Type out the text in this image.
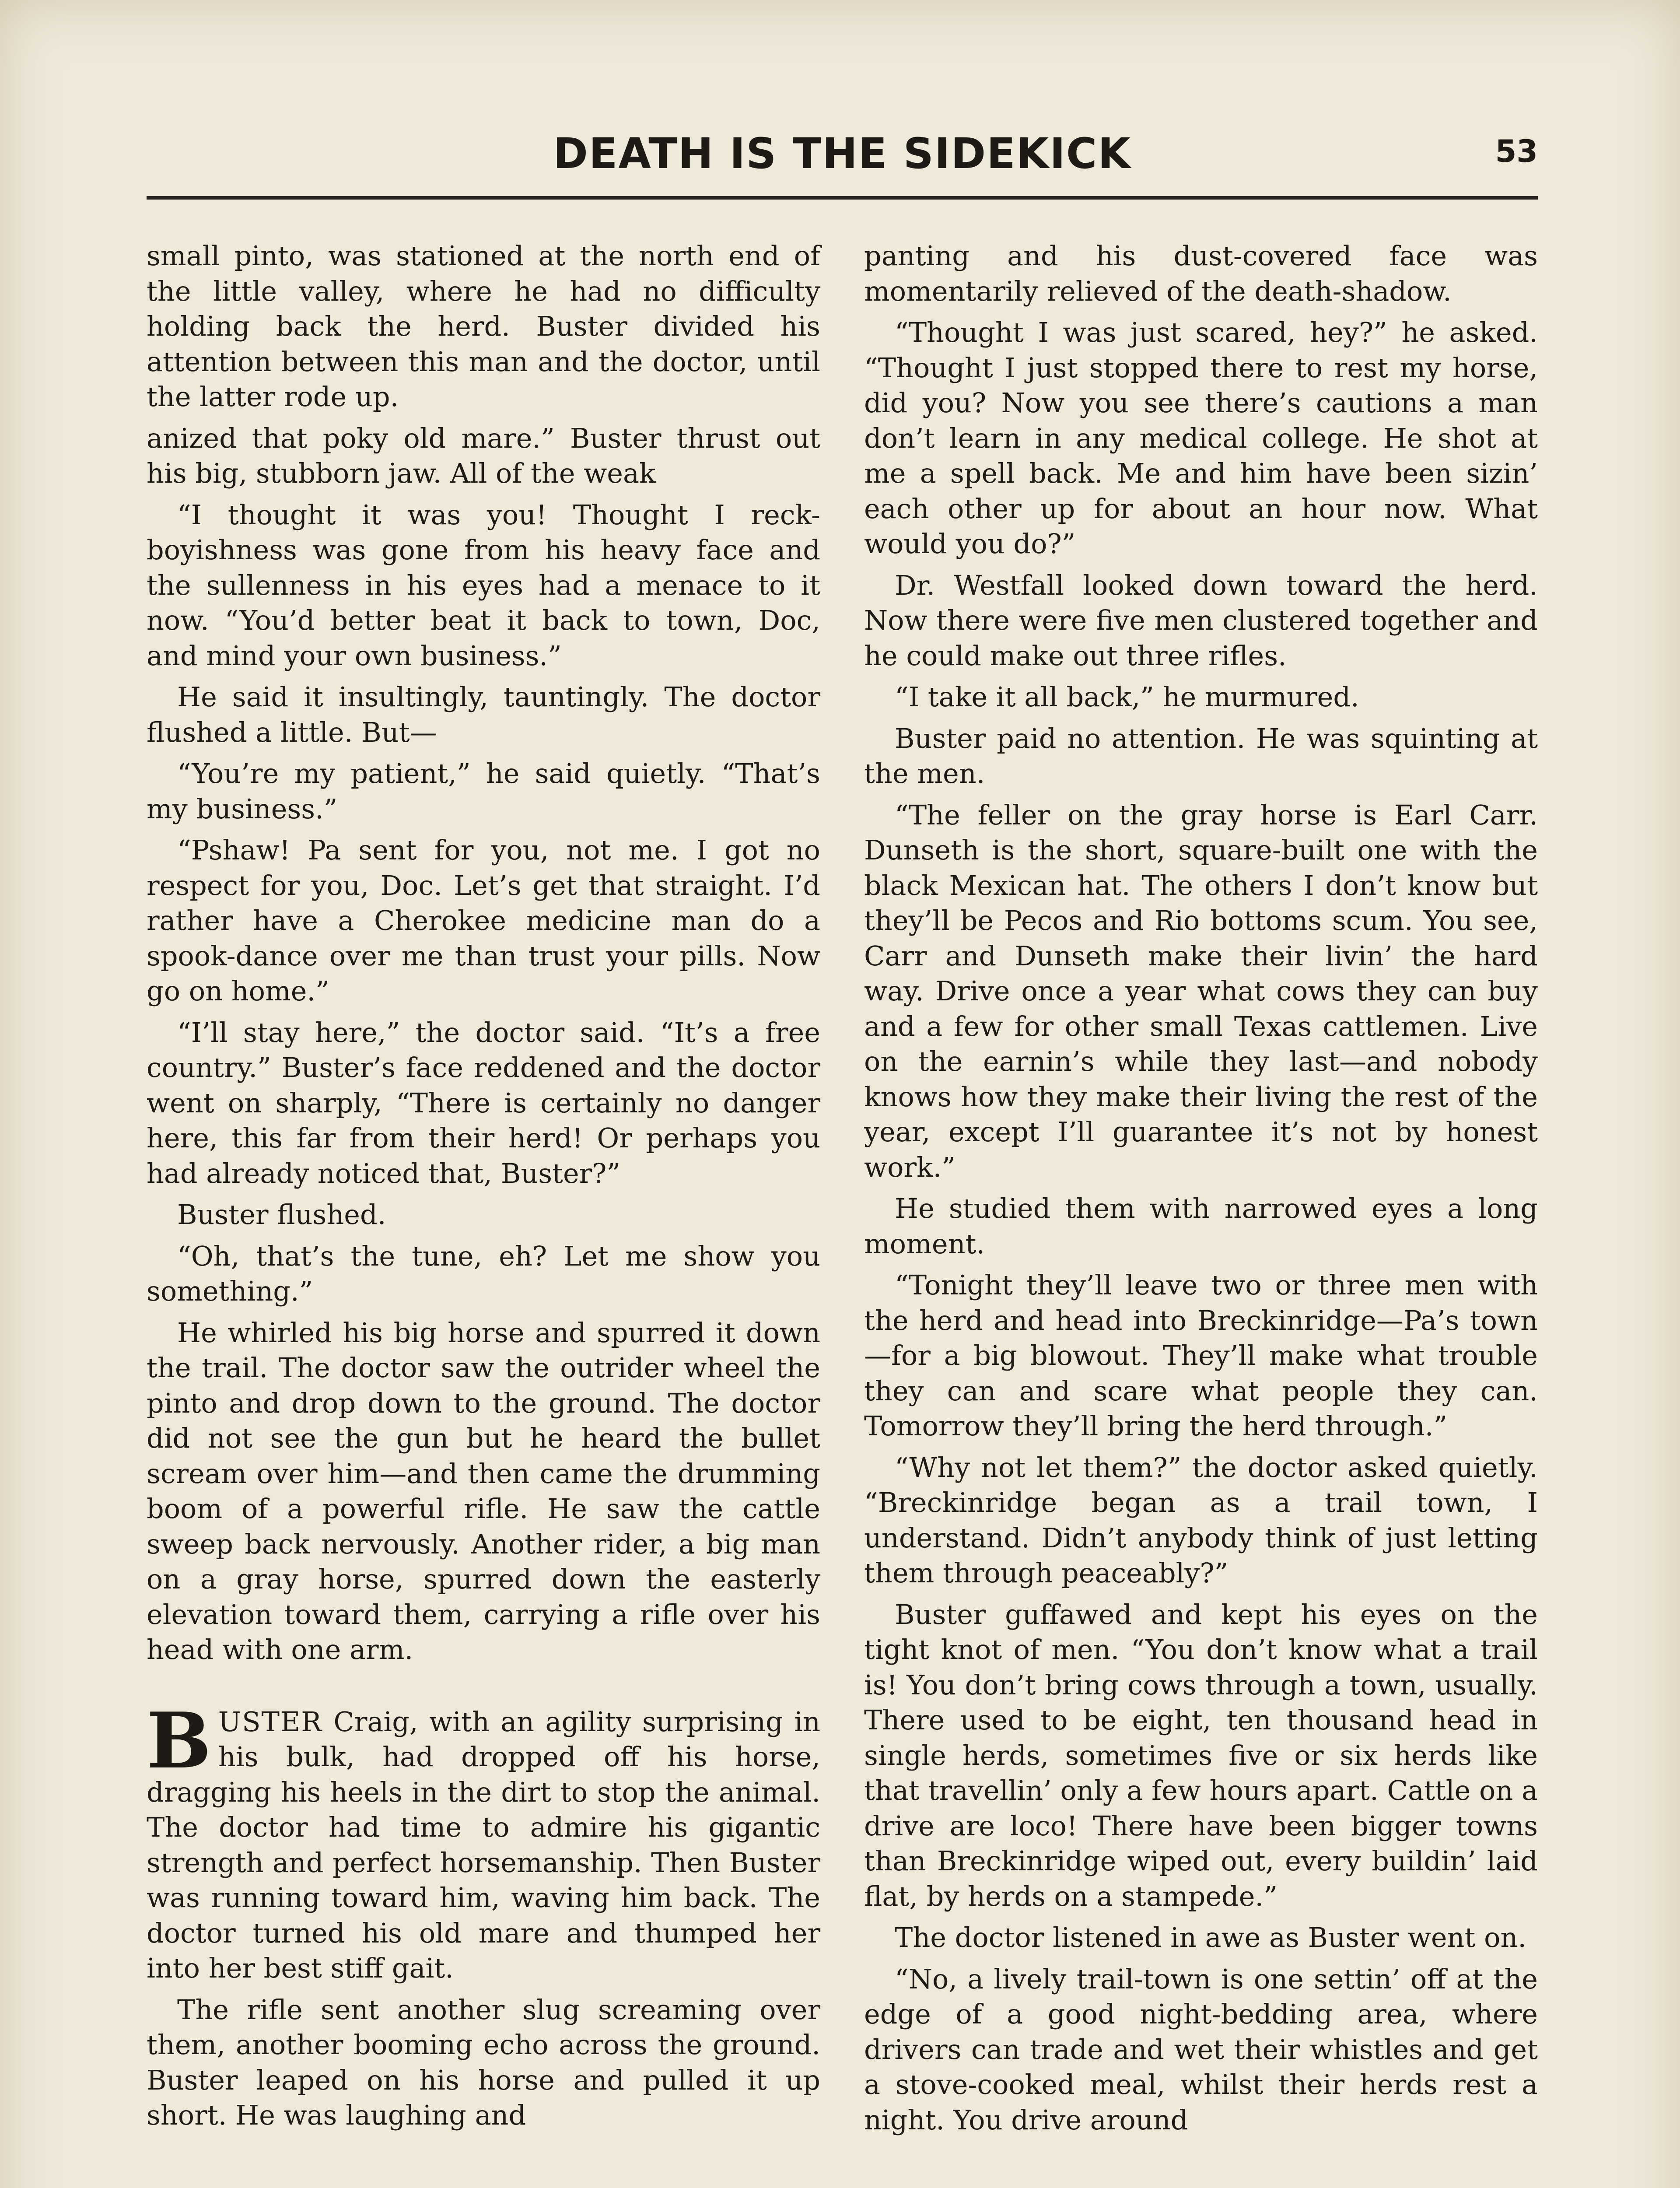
DEATH IS THE SIDEKICK	53

small pinto, was stationed at the north end of the little valley, where he had no difficulty holding back the herd. Buster divided his attention between this man and the doctor, until the latter rode up.

anized that poky old mare.” Buster thrust out his big, stubborn jaw. All of the weak

“I thought it was you! Thought I reck-boyishness was gone from his heavy face and the sullenness in his eyes had a menace to it now. “You’d better beat it back to town, Doc, and mind your own business.”

He said it insultingly, tauntingly. The doctor flushed a little. But—

“You’re my patient,” he said quietly. “That’s my business.”

“Pshaw! Pa sent for you, not me. I got no respect for you, Doc. Let’s get that straight. I’d rather have a Cherokee medicine man do a spook-dance over me than trust your pills. Now go on home.”

“I’ll stay here,” the doctor said. “It’s a free country.” Buster’s face reddened and the doctor went on sharply, “There is certainly no danger here, this far from their herd! Or perhaps you had already noticed that, Buster?”

Buster flushed.

“Oh, that’s the tune, eh? Let me show you something.”

He whirled his big horse and spurred it down the trail. The doctor saw the outrider wheel the pinto and drop down to the ground. The doctor did not see the gun but he heard the bullet scream over him—and then came the drumming boom of a powerful rifle. He saw the cattle sweep back nervously. Another rider, a big man on a gray horse, spurred down the easterly elevation toward them, carrying a rifle over his head with one arm.

BUSTER Craig, with an agility surprising in his bulk, had dropped off his horse, dragging his heels in the dirt to stop the animal. The doctor had time to admire his gigantic strength and perfect horsemanship. Then Buster was running toward him, waving him back. The doctor turned his old mare and thumped her into her best stiff gait.

The rifle sent another slug screaming over them, another booming echo across the ground. Buster leaped on his horse and pulled it up short. He was laughing and

panting and his dust-covered face was momentarily relieved of the death-shadow.

“Thought I was just scared, hey?” he asked. “Thought I just stopped there to rest my horse, did you? Now you see there’s cautions a man don’t learn in any medical college. He shot at me a spell back. Me and him have been sizin’ each other up for about an hour now. What would you do?”

Dr. Westfall looked down toward the herd. Now there were five men clustered together and he could make out three rifles.

“I take it all back,” he murmured.

Buster paid no attention. He was squinting at the men.

“The feller on the gray horse is Earl Carr. Dunseth is the short, square-built one with the black Mexican hat. The others I don’t know but they’ll be Pecos and Rio bottoms scum. You see, Carr and Dunseth make their livin’ the hard way. Drive once a year what cows they can buy and a few for other small Texas cattlemen. Live on the earnin’s while they last—and nobody knows how they make their living the rest of the year, except I’ll guarantee it’s not by honest work.”

He studied them with narrowed eyes a long moment.

“Tonight they’ll leave two or three men with the herd and head into Breckinridge—Pa’s town—for a big blowout. They’ll make what trouble they can and scare what people they can. Tomorrow they’ll bring the herd through.”

“Why not let them?” the doctor asked quietly. “Breckinridge began as a trail town, I understand. Didn’t anybody think of just letting them through peaceably?”

Buster guffawed and kept his eyes on the tight knot of men. “You don’t know what a trail is! You don’t bring cows through a town, usually. There used to be eight, ten thousand head in single herds, sometimes five or six herds like that travellin’ only a few hours apart. Cattle on a drive are loco! There have been bigger towns than Breckinridge wiped out, every buildin’ laid flat, by herds on a stampede.”

The doctor listened in awe as Buster went on.

“No, a lively trail-town is one settin’ off at the edge of a good night-bedding area, where drivers can trade and wet their whistles and get a stove-cooked meal, whilst their herds rest a night. You drive around
